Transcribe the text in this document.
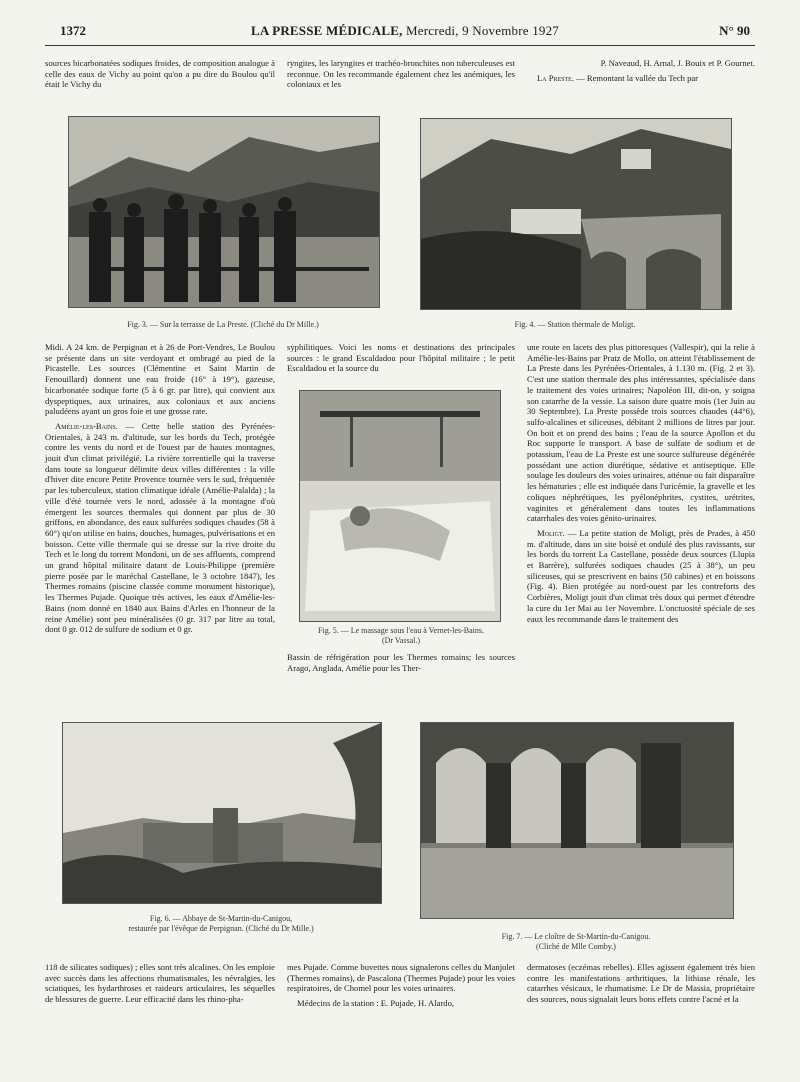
1372	LA PRESSE MÉDICALE, Mercredi, 9 Novembre 1927	N° 90

sources bicarbonatées sodiques froides, de composition analogue à celle des eaux de Vichy au point qu'on a pu dire du Boulou qu'il était le Vichy du

ryngites, les laryngites et trachéo-bronchites non tuberculeuses est reconnue. On les recommande également chez les anémiques, les coloniaux et les

P. Naveaud, H. Arnal, J. Bouix et P. Gournet.

La Preste. — Remontant la vallée du Tech par

Fig. 3. — Sur la terrasse de La Preste. (Cliché du Dr Mille.)	Fig. 4. — Station thermale de Moligt.

Midi. A 24 km. de Perpignan et à 26 de Port-Vendres, Le Boulou se présente dans un site verdoyant et ombragé au pied de la Picastelle. Les sources (Clémentine et Saint Martin de Fenouillard) donnent une eau froide (16° à 19°), gazeuse, bicarbonatée sodique forte (5 à 6 gr. par litre), qui convient aux dyspeptiques, aux urinaires, aux coloniaux et aux anciens paludéens ayant un gros foie et une grosse rate.

Amélie-les-Bains. — Cette belle station des Pyrénées-Orientales, à 243 m. d'altitude, sur les bords du Tech, protégée contre les vents du nord et de l'ouest par de hautes montagnes, jouit d'un climat privilégié. La rivière torrentielle qui la traverse dans toute sa longueur délimite deux villes différentes : la ville d'hiver dite encore Petite Provence tournée vers le sud, fréquentée par les tuberculeux, station climatique idéale (Amélie-Palalda) ; la ville d'été tournée vers le nord, adossée à la montagne d'où émergent les sources thermales qui donnent par plus de 30 griffons, en abondance, des eaux sulfurées sodiques chaudes (58 à 60°) qu'on utilise en bains, douches, humages, pulvérisations et en boisson. Cette ville thermale qui se dresse sur la rive droite du Tech et le long du torrent Mondoni, un de ses affluents, comprend un grand hôpital militaire datant de Louis-Philippe (première pierre posée par le maréchal Castellane, le 3 octobre 1847), les Thermes romains (piscine classée comme monument historique), les Thermes Pujade. Quoique très actives, les eaux d'Amélie-les-Bains (nom donné en 1840 aux Bains d'Arles en l'honneur de la reine Amélie) sont peu minéralisées (0 gr. 317 par litre au total, dont 0 gr. 012 de sulfure de sodium et 0 gr.

syphilitiques. Voici les noms et destinations des principales sources : le grand Escaldadou pour l'hôpital militaire ; le petit Escaldadou et la source du

Fig. 5. — Le massage sous l'eau à Vernet-les-Bains.
(Dr Vassal.)

Bassin de réfrigération pour les Thermes romains; les sources Arago, Anglada, Amélie pour les Ther-

une route en lacets des plus pittoresques (Vallespir), qui la relie à Amélie-les-Bains par Pratz de Mollo, on atteint l'établissement de La Preste dans les Pyrénées-Orientales, à 1.130 m. (Fig. 2 et 3). C'est une station thermale des plus intéressantes, spécialisée dans le traitement des voies urinaires; Napoléon III, dit-on, y soigna son catarrhe de la vessie. La saison dure quatre mois (1er Juin au 30 Septembre). La Preste possède trois sources chaudes (44°6), sulfo-alcalines et siliceuses, débitant 2 millions de litres par jour. On boit et on prend des bains ; l'eau de la source Apollon et du Roc supporte le transport. A base de sulfate de sodium et de potassium, l'eau de La Preste est une source sulfureuse dégénérée possédant une action diurétique, sédative et antiseptique. Elle soulage les douleurs des voies urinaires, atténue ou fait disparaître les hématuries ; elle est indiquée dans l'uricémie, la gravelle et les coliques néphrétiques, les pyélonéphrites, cystites, urétrites, vaginites et généralement dans toutes les inflammations catarrhales des voies génito-urinaires.

Moligt. — La petite station de Moligt, près de Prades, à 450 m. d'altitude, dans un site boisé et ondulé des plus ravissants, sur les bords du torrent La Castellane, possède deux sources (Llupia et Barrère), sulfurées sodiques chaudes (25 à 38°), un peu siliceuses, qui se prescrivent en bains (50 cabines) et en boissons (Fig. 4). Bien protégée au nord-ouest par les contreforts des Corbières, Moligt jouit d'un climat très doux qui permet d'étendre la cure du 1er Mai au 1er Novembre. L'onctuosité spéciale de ses eaux les recommande dans le traitement des

Fig. 6. — Abbaye de St-Martin-du-Canigou,
restaurée par l'évêque de Perpignan. (Cliché du Dr Mille.)
Fig. 7. — Le cloître de St-Martin-du-Canigou.
(Cliché de Mlle Comby.)

118 de silicates sodiques) ; elles sont très alcalines. On les emploie avec succès dans les affections rhumatismales, les névralgies, les sciatiques, les hydarthroses et raideurs articulaires, les séquelles de blessures de guerre. Leur efficacité dans les rhino-pha-

mes Pujade. Comme buvettes nous signalerons celles du Manjolet (Thermes romains), de Pascalona (Thermes Pujade) pour les voies respiratoires, de Chomel pour les voies urinaires.

Médecins de la station : E. Pujade, H. Alardo,

dermatoses (eczémas rebelles). Elles agissent également très bien contre les manifestations arthritiques, la lithiase rénale, les catarrhes vésicaux, le rhumatisme. Le Dr de Massia, propriétaire des sources, nous signalait leurs bons effets contre l'acné et la
